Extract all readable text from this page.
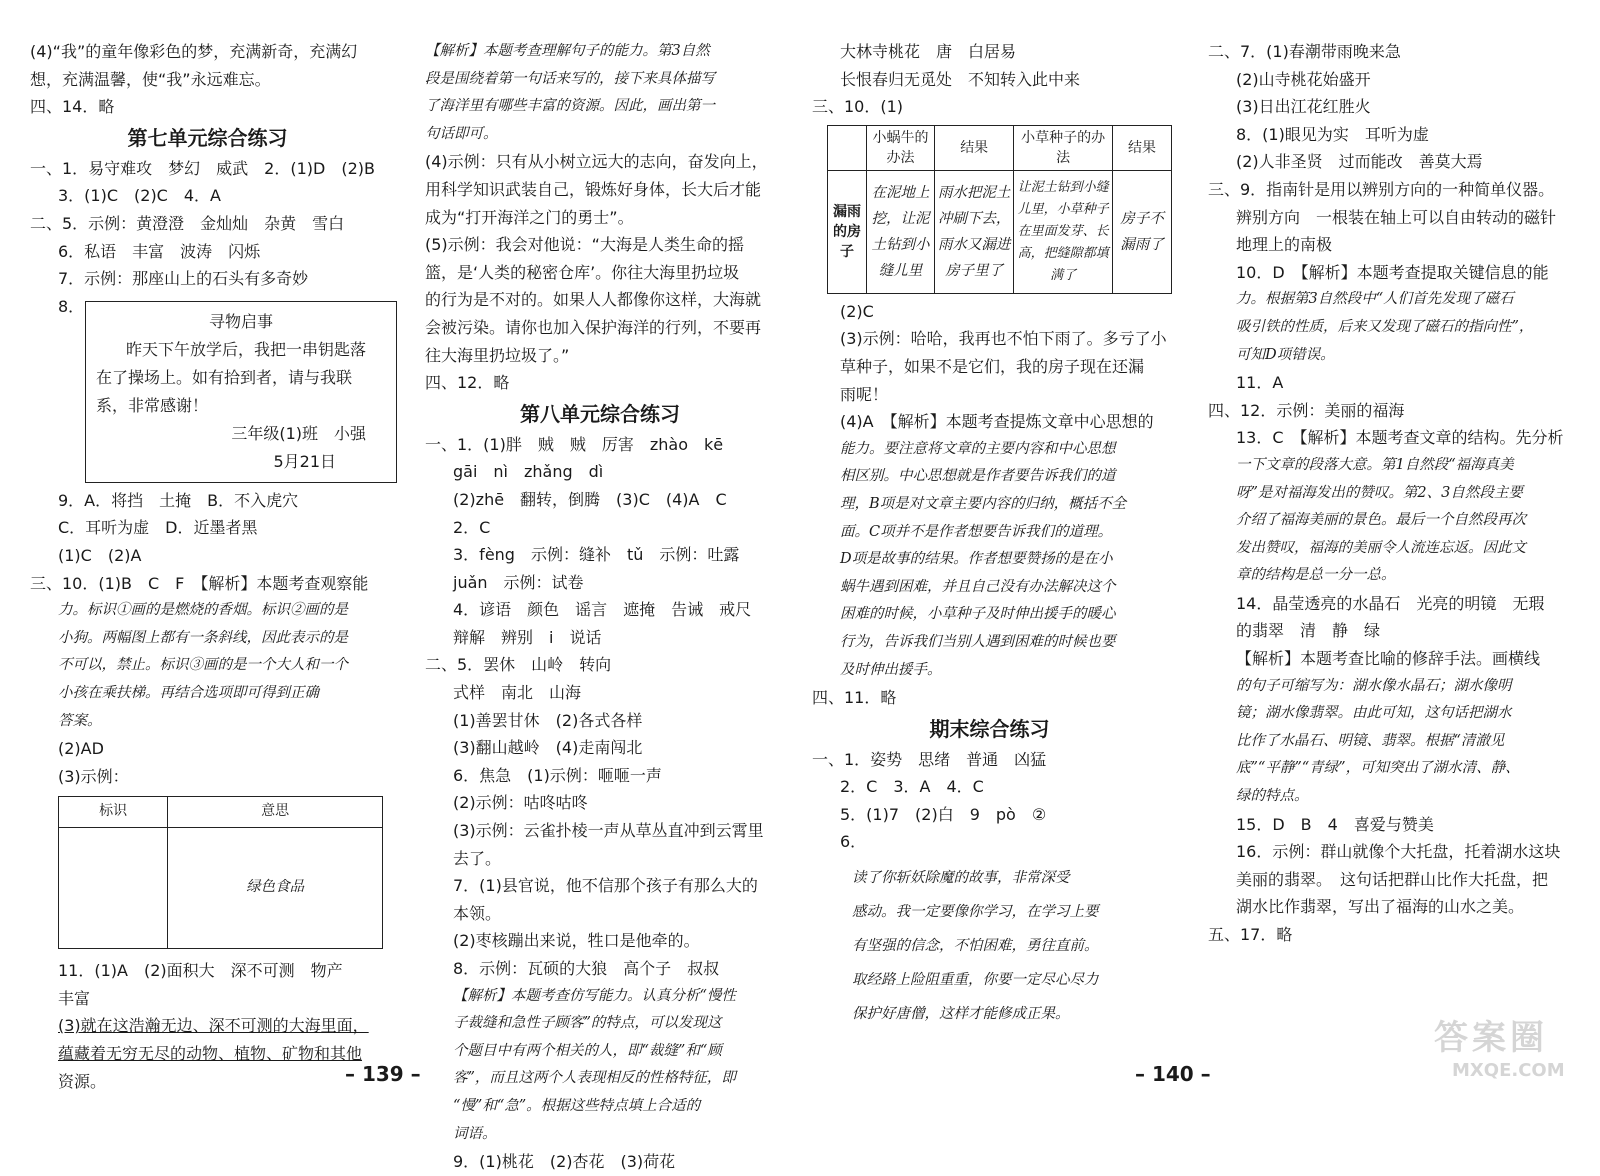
(4)“我”的童年像彩色的梦，充满新奇，充满幻
想，充满温馨，使“我”永远难忘。
四、14．略
第七单元综合练习
一、1．易守难攻　梦幻　威武　2．(1)D　(2)B
3．(1)C　(2)C　4．A
二、5．示例：黄澄澄　金灿灿　杂黄　雪白
6．私语　丰富　波涛　闪烁
7．示例：那座山上的石头有多奇妙
8．
寻物启事
昨天下午放学后，我把一串钥匙落
在了操场上。如有拾到者，请与我联
系，非常感谢！
三年级(1)班　小强
5月21日
9．A．将挡　土掩　B．不入虎穴
C．耳听为虚　D．近墨者黑
(1)C　(2)A
三、10．(1)B　C　F　【解析】本题考查观察能
力。标识①画的是燃烧的香烟。标识②画的是
小狗。两幅图上都有一条斜线，因此表示的是
不可以，禁止。标识③画的是一个大人和一个
小孩在乘扶梯。再结合选项即可得到正确
答案。
(2)AD
(3)示例：
标识	意思
	绿色食品
11．(1)A　(2)面积大　深不可测　物产
丰富
(3)就在这浩瀚无边、深不可测的大海里面，
蕴藏着无穷无尽的动物、植物、矿物和其他
资源。
【解析】本题考查理解句子的能力。第3自然
段是围绕着第一句话来写的，接下来具体描写
了海洋里有哪些丰富的资源。因此，画出第一
句话即可。
(4)示例：只有从小树立远大的志向，奋发向上，
用科学知识武装自己，锻炼好身体，长大后才能
成为“打开海洋之门的勇士”。
(5)示例：我会对他说：“大海是人类生命的摇
篮，是‘人类的秘密仓库’。你往大海里扔垃圾
的行为是不对的。如果人人都像你这样，大海就
会被污染。请你也加入保护海洋的行列，不要再
往大海里扔垃圾了。”
四、12．略
第八单元综合练习
一、1．(1)胖　贼　贼　厉害　zhào　kē
gāi　nì　zhǎng　dì
(2)zhē　翻转，倒腾　(3)C　(4)A　C
2．C
3．fèng　示例：缝补　tǔ　示例：吐露
juǎn　示例：试卷
4．谚语　颜色　谣言　遮掩　告诫　戒尺
辩解　辨别　i　说话
二、5．罢休　山岭　转向
式样　南北　山海
(1)善罢甘休　(2)各式各样
(3)翻山越岭　(4)走南闯北
6．焦急　(1)示例：咂咂一声
(2)示例：咕咚咕咚
(3)示例：云雀扑棱一声从草丛直冲到云霄里
去了。
7．(1)县官说，他不信那个孩子有那么大的
本领。
(2)枣核蹦出来说，牲口是他牵的。
8．示例：瓦硕的大狼　高个子　叔叔
【解析】本题考查仿写能力。认真分析“慢性
子裁缝和急性子顾客”的特点，可以发现这
个题目中有两个相关的人，即“裁缝”和“顾
客”，而且这两个人表现相反的性格特征，即
“慢”和“急”。根据这些特点填上合适的
词语。
9．(1)桃花　(2)杏花　(3)荷花
大林寺桃花　唐　白居易
长恨春归无觅处　不知转入此中来
三、10．(1)
	小蜗牛的办法	结果	小草种子的办法	结果
漏雨的房子	在泥地上挖，让泥土钻到小缝儿里	雨水把泥土冲刷下去，雨水又漏进房子里了	让泥土钻到小缝儿里，小草种子在里面发芽、长高，把缝隙都填满了	房子不漏雨了
(2)C
(3)示例：哈哈，我再也不怕下雨了。多亏了小
草种子，如果不是它们，我的房子现在还漏
雨呢！
(4)A　【解析】本题考查提炼文章中心思想的
能力。要注意将文章的主要内容和中心思想
相区别。中心思想就是作者要告诉我们的道
理，B项是对文章主要内容的归纳，概括不全
面。C项并不是作者想要告诉我们的道理。
D项是故事的结果。作者想要赞扬的是在小
蜗牛遇到困难，并且自己没有办法解决这个
困难的时候，小草种子及时伸出援手的暖心
行为，告诉我们当别人遇到困难的时候也要
及时伸出援手。
四、11．略
期末综合练习
一、1．姿势　思绪　普通　凶猛
2．C　3．A　4．C
5．(1)7　(2)白　9　pò　②
6．
读了你斩妖除魔的故事，非常深受
感动。我一定要像你学习，在学习上要
有坚强的信念，不怕困难，勇往直前。
取经路上险阻重重，你要一定尽心尽力
保护好唐僧，这样才能修成正果。
二、7．(1)春潮带雨晚来急
(2)山寺桃花始盛开
(3)日出江花红胜火
8．(1)眼见为实　耳听为虚
(2)人非圣贤　过而能改　善莫大焉
三、9．指南针是用以辨别方向的一种简单仪器。
辨别方向　一根装在轴上可以自由转动的磁针
地理上的南极
10．D　【解析】本题考查提取关键信息的能
力。根据第3自然段中“人们首先发现了磁石
吸引铁的性质，后来又发现了磁石的指向性”，
可知D项错误。
11．A
四、12．示例：美丽的福海
13．C　【解析】本题考查文章的结构。先分析
一下文章的段落大意。第1自然段“福海真美
呀”是对福海发出的赞叹。第2、3自然段主要
介绍了福海美丽的景色。最后一个自然段再次
发出赞叹，福海的美丽令人流连忘返。因此文
章的结构是总一分一总。
14．晶莹透亮的水晶石　光亮的明镜　无瑕
的翡翠　清　静　绿
【解析】本题考查比喻的修辞手法。画横线
的句子可缩写为：湖水像水晶石；湖水像明
镜；湖水像翡翠。由此可知，这句话把湖水
比作了水晶石、明镜、翡翠。根据“清澈见
底”“平静”“青绿”，可知突出了湖水清、静、
绿的特点。
15．D　B　4　喜爱与赞美
16．示例：群山就像个大托盘，托着湖水这块
美丽的翡翠。　这句话把群山比作大托盘，把
湖水比作翡翠，写出了福海的山水之美。
五、17．略
– 139 –	– 140 –
答案圈
MXQE.COM
